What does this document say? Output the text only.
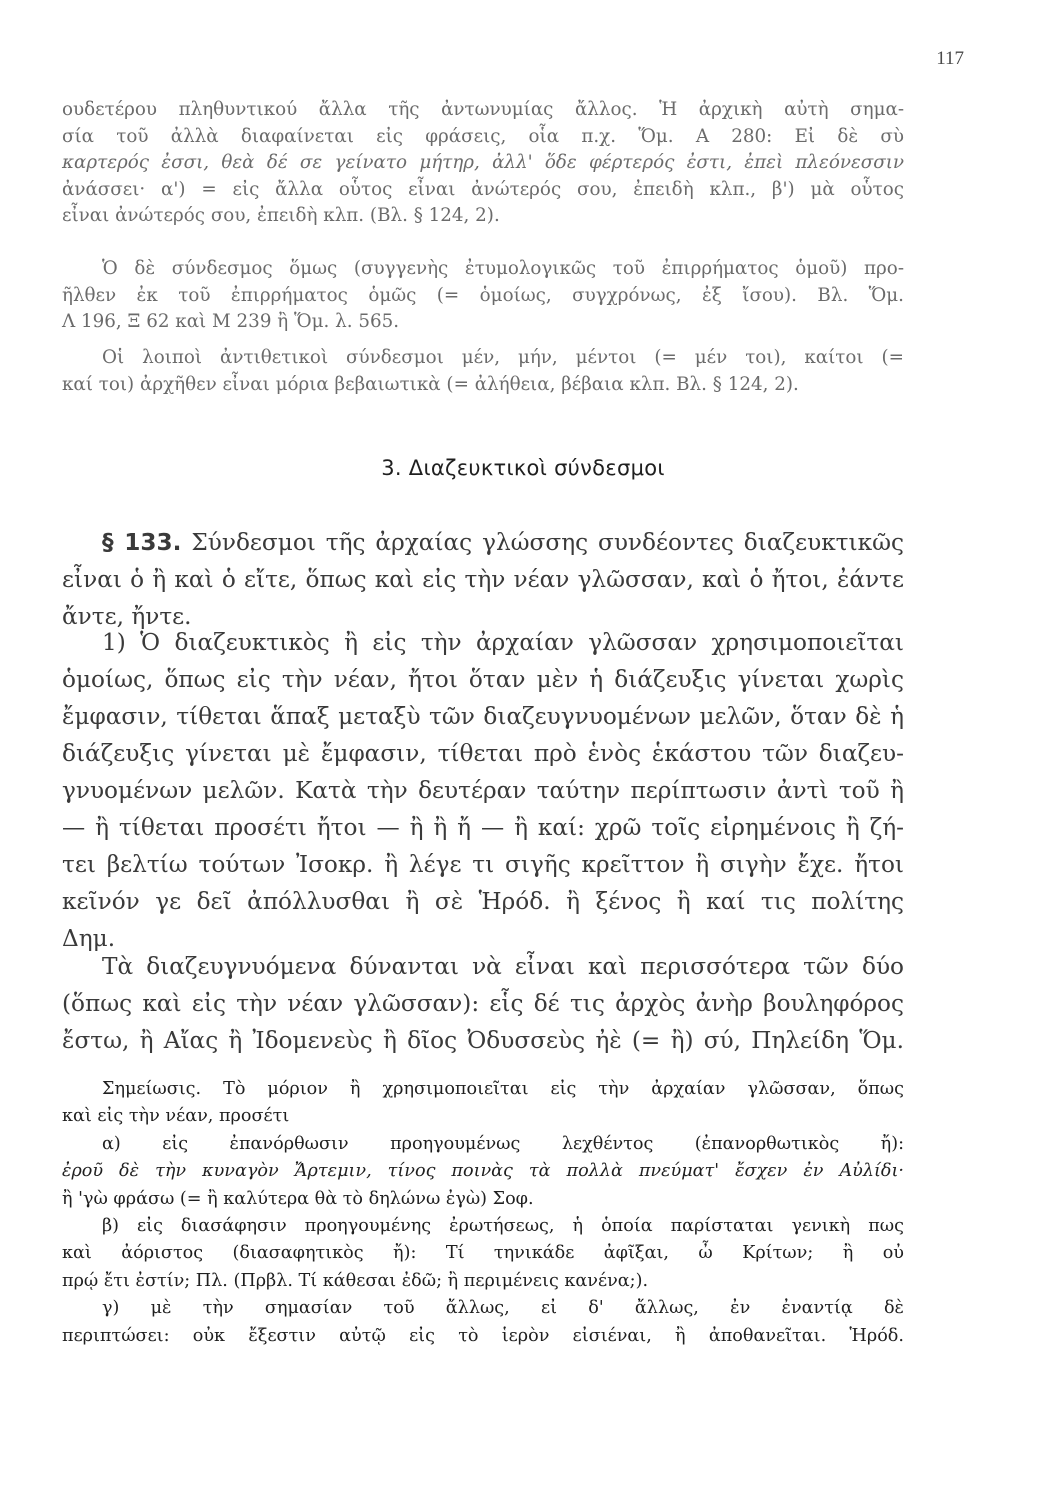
117
ουδετέρου πληθυντικού ἄλλα τῆς ἀντωνυμίας ἄλλος. Ἡ ἀρχικὴ αὐτὴ σημα-
σία τοῦ ἀλλὰ διαφαίνεται εἰς φράσεις, οἷα π.χ. Ὅμ. Α 280: Εἰ δὲ σὺ
καρτερός ἐσσι, θεὰ δέ σε γείνατο μήτηρ, ἀλλ' ὅδε φέρτερός ἐστι, ἐπεὶ πλεόνεσσιν
ἀνάσσει· α') = εἰς ἄλλα οὗτος εἶναι ἀνώτερός σου, ἐπειδὴ κλπ., β') μὰ οὗτος
εἶναι ἀνώτερός σου, ἐπειδὴ κλπ. (Βλ. § 124, 2).
Ὁ δὲ σύνδεσμος ὅμως (συγγενὴς ἐτυμολογικῶς τοῦ ἐπιρρήματος ὁμοῦ) προ-
ῆλθεν ἐκ τοῦ ἐπιρρήματος ὁμῶς (= ὁμοίως, συγχρόνως, ἐξ ἴσου). Βλ. Ὅμ.
Λ 196, Ξ 62 καὶ Μ 239 ἢ Ὅμ. λ. 565.
Οἱ λοιποὶ ἀντιθετικοὶ σύνδεσμοι μέν, μήν, μέντοι (= μέν τοι), καίτοι (=
καί τοι) ἀρχῆθεν εἶναι μόρια βεβαιωτικὰ (= ἀλήθεια, βέβαια κλπ. Βλ. § 124, 2).
3. Διαζευκτικοὶ σύνδεσμοι
§ 133. Σύνδεσμοι τῆς ἀρχαίας γλώσσης συνδέοντες διαζευκτικῶς
εἶναι ὁ ἢ καὶ ὁ εἴτε, ὅπως καὶ εἰς τὴν νέαν γλῶσσαν, καὶ ὁ ἤτοι, ἐάντε
ἄντε, ἤντε.
1) Ὁ διαζευκτικὸς ἢ εἰς τὴν ἀρχαίαν γλῶσσαν χρησιμοποιεῖται
ὁμοίως, ὅπως εἰς τὴν νέαν, ἤτοι ὅταν μὲν ἡ διάζευξις γίνεται χωρὶς
ἔμφασιν, τίθεται ἅπαξ μεταξὺ τῶν διαζευγνυομένων μελῶν, ὅταν δὲ ἡ
διάζευξις γίνεται μὲ ἔμφασιν, τίθεται πρὸ ἑνὸς ἑκάστου τῶν διαζευ-
γνυομένων μελῶν. Κατὰ τὴν δευτέραν ταύτην περίπτωσιν ἀντὶ τοῦ ἢ
— ἢ τίθεται προσέτι ἤτοι — ἢ ἢ ἤ — ἢ καί: χρῶ τοῖς εἰρημένοις ἢ ζή-
τει βελτίω τούτων Ἰσοκρ. ἢ λέγε τι σιγῆς κρεῖττον ἢ σιγὴν ἔχε. ἤτοι
κεῖνόν γε δεῖ ἀπόλλυσθαι ἢ σὲ Ἡρόδ. ἢ ξένος ἢ καί τις πολίτης
Δημ.
Τὰ διαζευγνυόμενα δύνανται νὰ εἶναι καὶ περισσότερα τῶν δύο
(ὅπως καὶ εἰς τὴν νέαν γλῶσσαν): εἷς δέ τις ἀρχὸς ἀνὴρ βουληφόρος
ἔστω, ἢ Αἴας ἢ Ἰδομενεὺς ἢ δῖος Ὀδυσσεὺς ἠὲ (= ἢ) σύ, Πηλείδη Ὅμ.
Σημείωσις. Τὸ μόριον ἢ χρησιμοποιεῖται εἰς τὴν ἀρχαίαν γλῶσσαν, ὅπως
καὶ εἰς τὴν νέαν, προσέτι
α) εἰς ἐπανόρθωσιν προηγουμένως λεχθέντος (ἐπανορθωτικὸς ἤ):
ἐροῦ δὲ τὴν κυναγὸν Ἄρτεμιν, τίνος ποινὰς τὰ πολλὰ πνεύματ' ἔσχεν ἐν Αὐλίδι·
ἢ 'γὼ φράσω (= ἢ καλύτερα θὰ τὸ δηλώνω ἐγὼ) Σοφ.
β) εἰς διασάφησιν προηγουμένης ἐρωτήσεως, ἡ ὁποία παρίσταται γενικὴ πως
καὶ ἀόριστος (διασαφητικὸς ἤ): Τί τηνικάδε ἀφῖξαι, ὦ Κρίτων; ἢ οὐ
πρῴ ἔτι ἐστίν; Πλ. (Πρβλ. Τί κάθεσαι ἐδῶ; ἢ περιμένεις κανένα;).
γ) μὲ τὴν σημασίαν τοῦ ἄλλως, εἰ δ' ἄλλως, ἐν ἐναντίᾳ δὲ
περιπτώσει: οὐκ ἔξεστιν αὐτῷ εἰς τὸ ἱερὸν εἰσιέναι, ἢ ἀποθανεῖται. Ἡρόδ.
